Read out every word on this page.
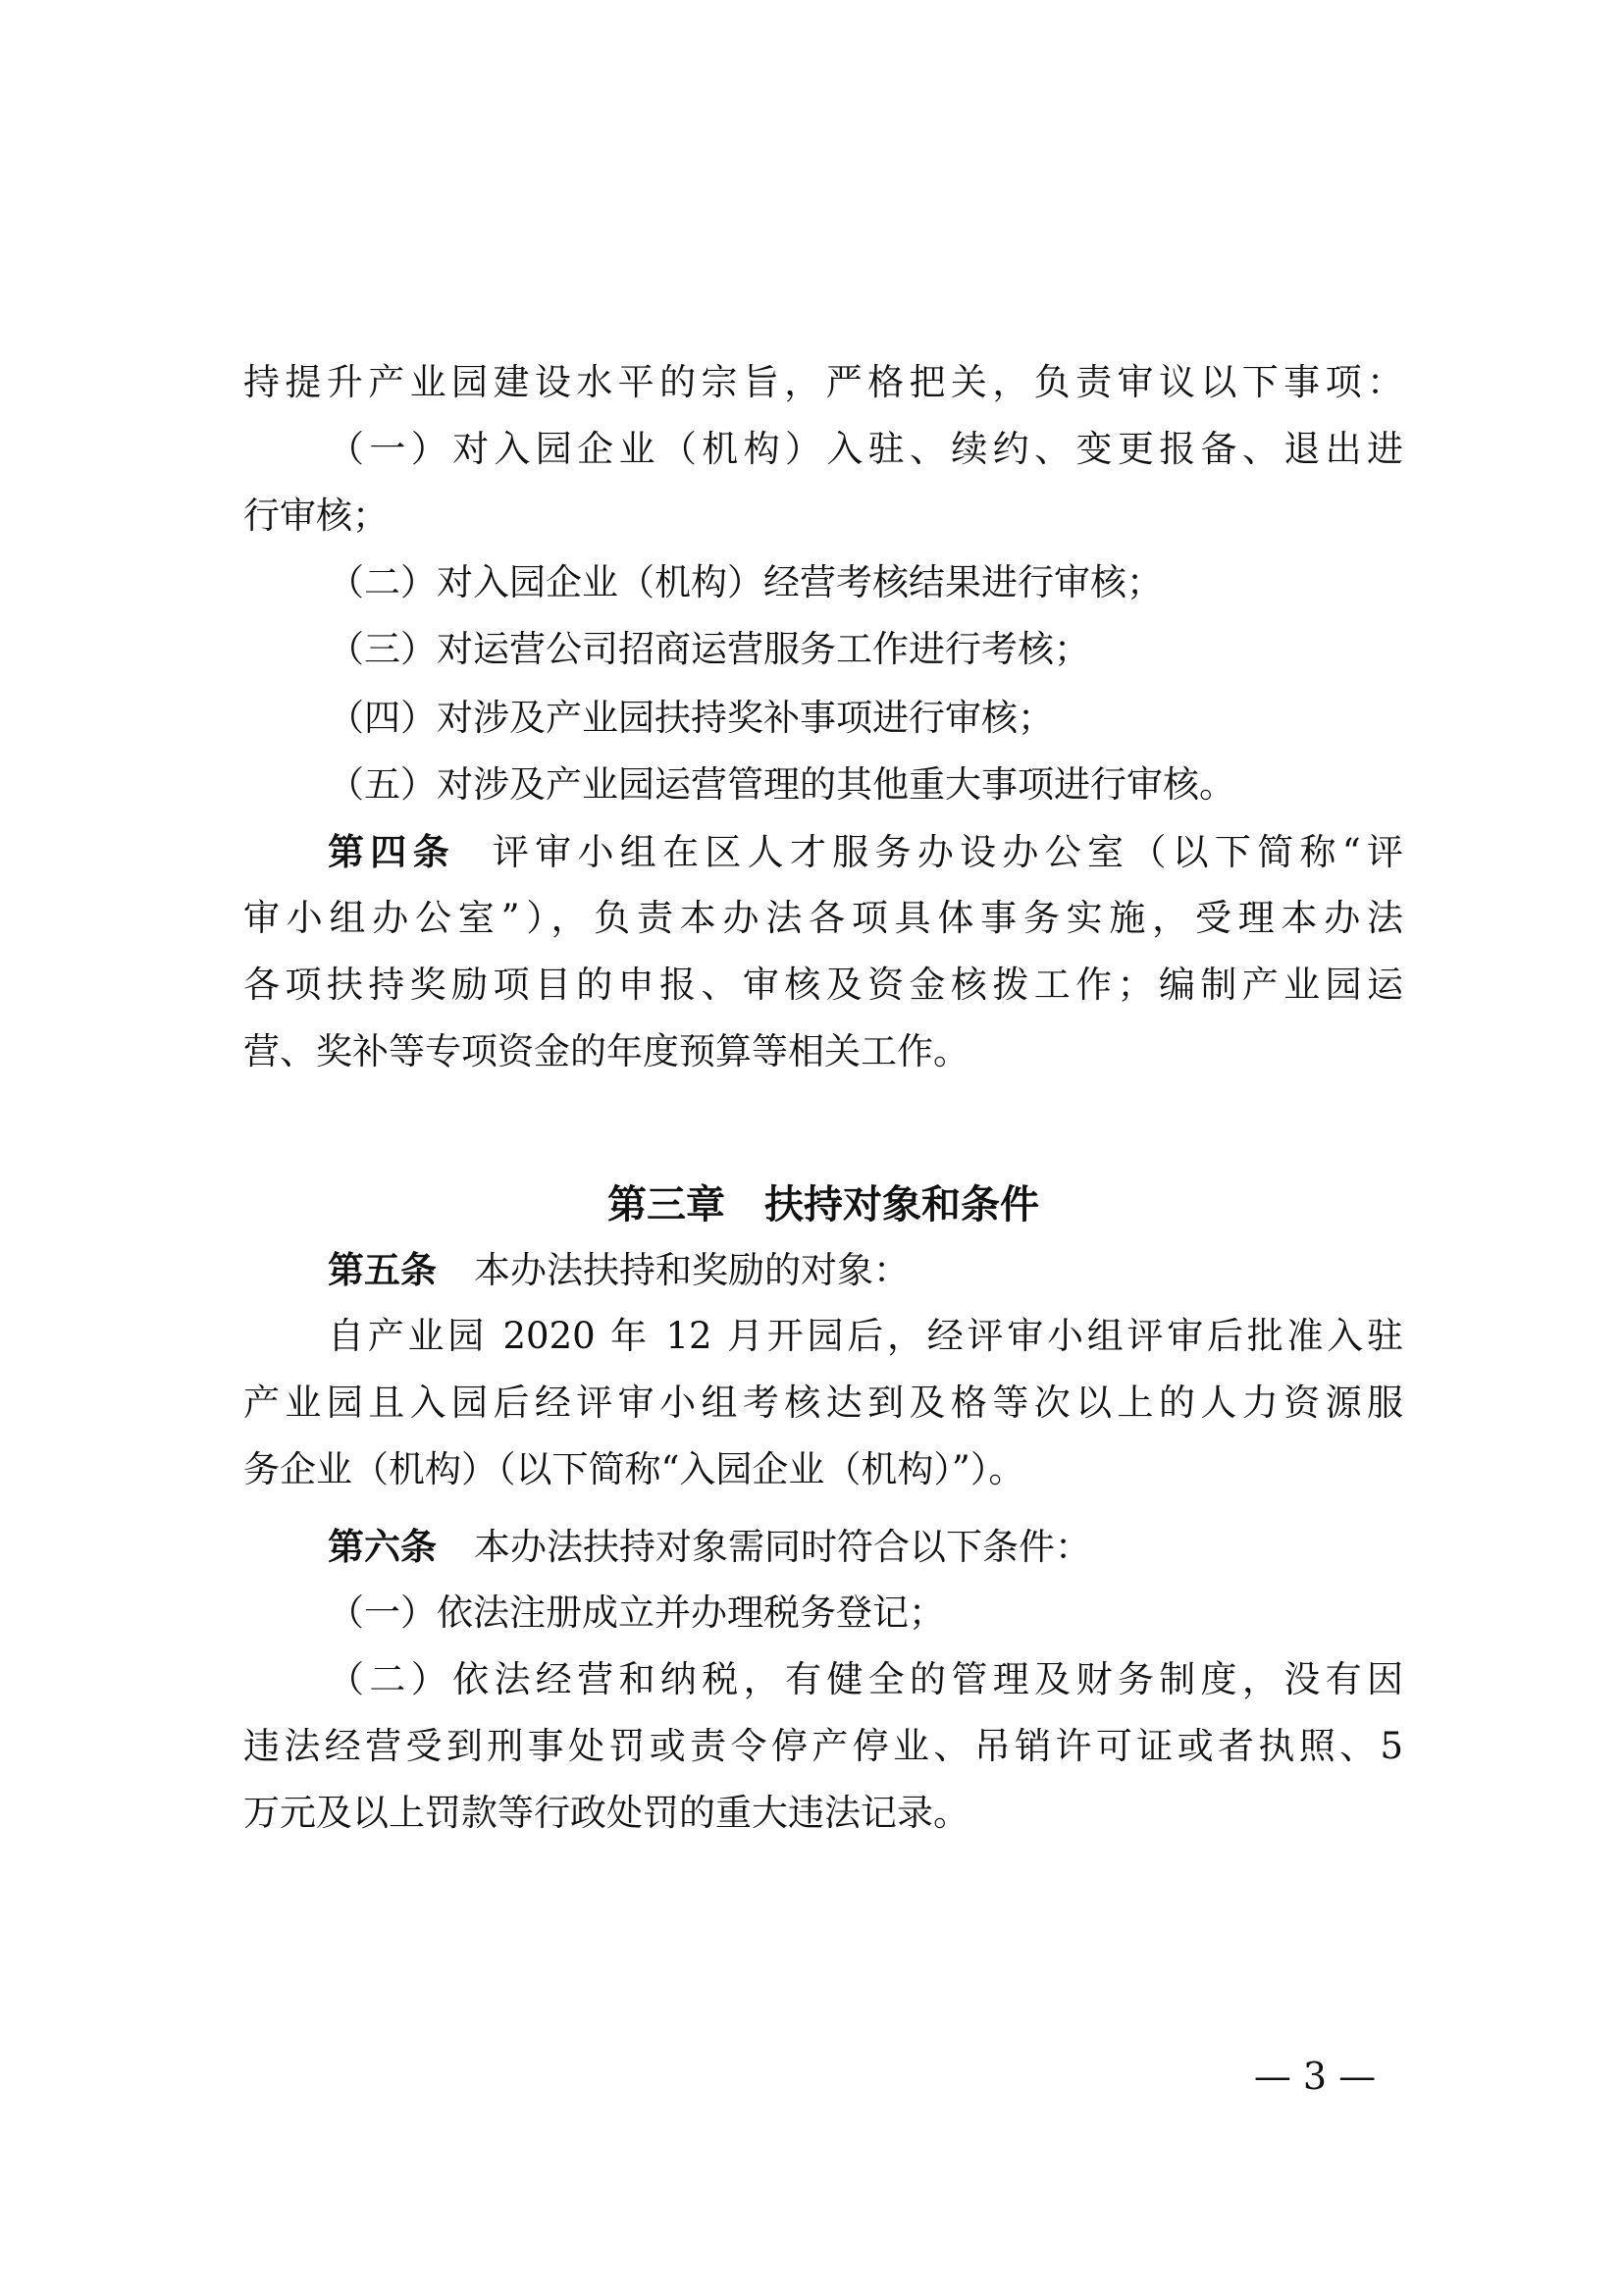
持提升产业园建设水平的宗旨，严格把关，负责审议以下事项：
（一）对入园企业（机构）入驻、续约、变更报备、退出进
行审核；
（二）对入园企业（机构）经营考核结果进行审核；
（三）对运营公司招商运营服务工作进行考核；
（四）对涉及产业园扶持奖补事项进行审核；
（五）对涉及产业园运营管理的其他重大事项进行审核。
第四条 评审小组在区人才服务办设办公室（以下简称“评
审小组办公室”），负责本办法各项具体事务实施，受理本办法
各项扶持奖励项目的申报、审核及资金核拨工作；编制产业园运
营、奖补等专项资金的年度预算等相关工作。
第三章 扶持对象和条件
第五条 本办法扶持和奖励的对象：
自产业园 2020 年 12 月开园后，经评审小组评审后批准入驻
产业园且入园后经评审小组考核达到及格等次以上的人力资源服
务企业（机构）（以下简称“入园企业（机构）”）。
第六条 本办法扶持对象需同时符合以下条件：
（一）依法注册成立并办理税务登记；
（二）依法经营和纳税，有健全的管理及财务制度，没有因
违法经营受到刑事处罚或责令停产停业、吊销许可证或者执照、5
万元及以上罚款等行政处罚的重大违法记录。
— 3 —
